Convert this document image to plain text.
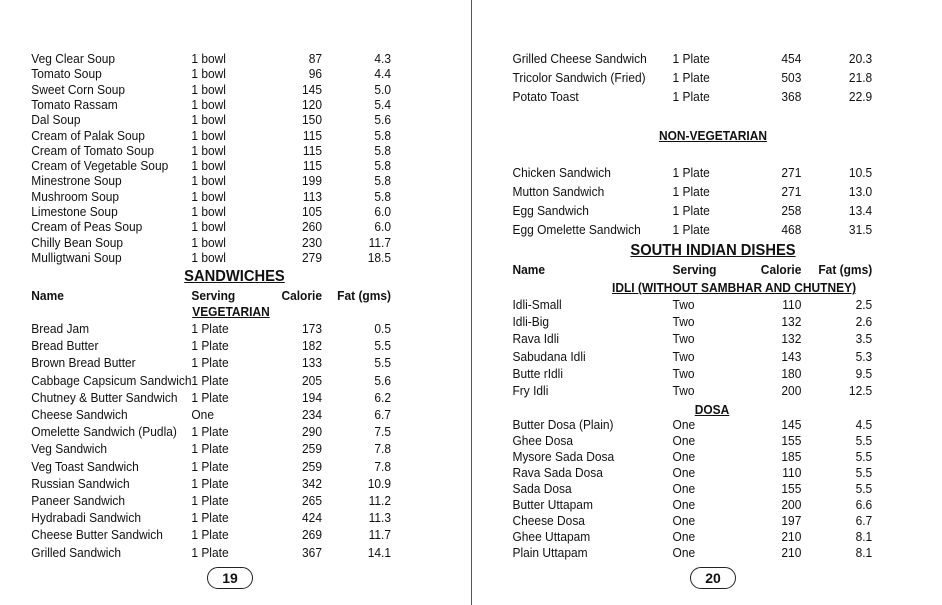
Veg Clear Soup	1 bowl	87	4.3
Tomato Soup	1 bowl	96	4.4
Sweet Corn Soup	1 bowl	145	5.0
Tomato Rassam	1 bowl	120	5.4
Dal Soup	1 bowl	150	5.6
Cream of Palak Soup	1 bowl	115	5.8
Cream of Tomato Soup	1 bowl	115	5.8
Cream of Vegetable Soup 1 bowl	115	5.8
Minestrone Soup	1 bowl	199	5.8
Mushroom Soup	1 bowl	113	5.8
Limestone Soup	1 bowl	105	6.0
Cream of Peas Soup	1 bowl	260	6.0
Chilly Bean Soup	1 bowl	230	11.7
Mulligtwani Soup	1 bowl	279	18.5
SANDWICHES
Name	Serving	Calorie	Fat (gms)
VEGETARIAN
Bread Jam	1 Plate	173	0.5
Bread Butter	1 Plate	182	5.5
Brown Bread Butter	1 Plate	133	5.5
Cabbage Capsicum Sandwich 1 Plate	205	5.6
Chutney & Butter Sandwich 1 Plate	194	6.2
Cheese Sandwich	One	234	6.7
Omelette Sandwich (Pudla) 1 Plate	290	7.5
Veg Sandwich	1 Plate	259	7.8
Veg Toast Sandwich	1 Plate	259	7.8
Russian Sandwich	1 Plate	342	10.9
Paneer Sandwich	1 Plate	265	11.2
Hydrabadi Sandwich	1 Plate	424	11.3
Cheese Butter Sandwich 1 Plate	269	11.7
Grilled Sandwich	1 Plate	367	14.1
19
Grilled Cheese Sandwich 1 Plate	454	20.3
Tricolor Sandwich (Fried) 1 Plate	503	21.8
Potato Toast	1 Plate	368	22.9
NON-VEGETARIAN
Chicken Sandwich	1 Plate	271	10.5
Mutton Sandwich	1 Plate	271	13.0
Egg Sandwich	1 Plate	258	13.4
Egg Omelette Sandwich 1 Plate	468	31.5
SOUTH INDIAN DISHES
Name	Serving	Calorie	Fat (gms)
IDLI (WITHOUT SAMBHAR AND CHUTNEY)
Idli-Small	Two	110	2.5
Idli-Big	Two	132	2.6
Rava Idli	Two	132	3.5
Sabudana Idli	Two	143	5.3
Butte rIdli	Two	180	9.5
Fry Idli	Two	200	12.5
DOSA
Butter Dosa (Plain)	One	145	4.5
Ghee Dosa	One	155	5.5
Mysore Sada Dosa	One	185	5.5
Rava Sada Dosa	One	110	5.5
Sada Dosa	One	155	5.5
Butter Uttapam	One	200	6.6
Cheese Dosa	One	197	6.7
Ghee Uttapam	One	210	8.1
Plain Uttapam	One	210	8.1
20
